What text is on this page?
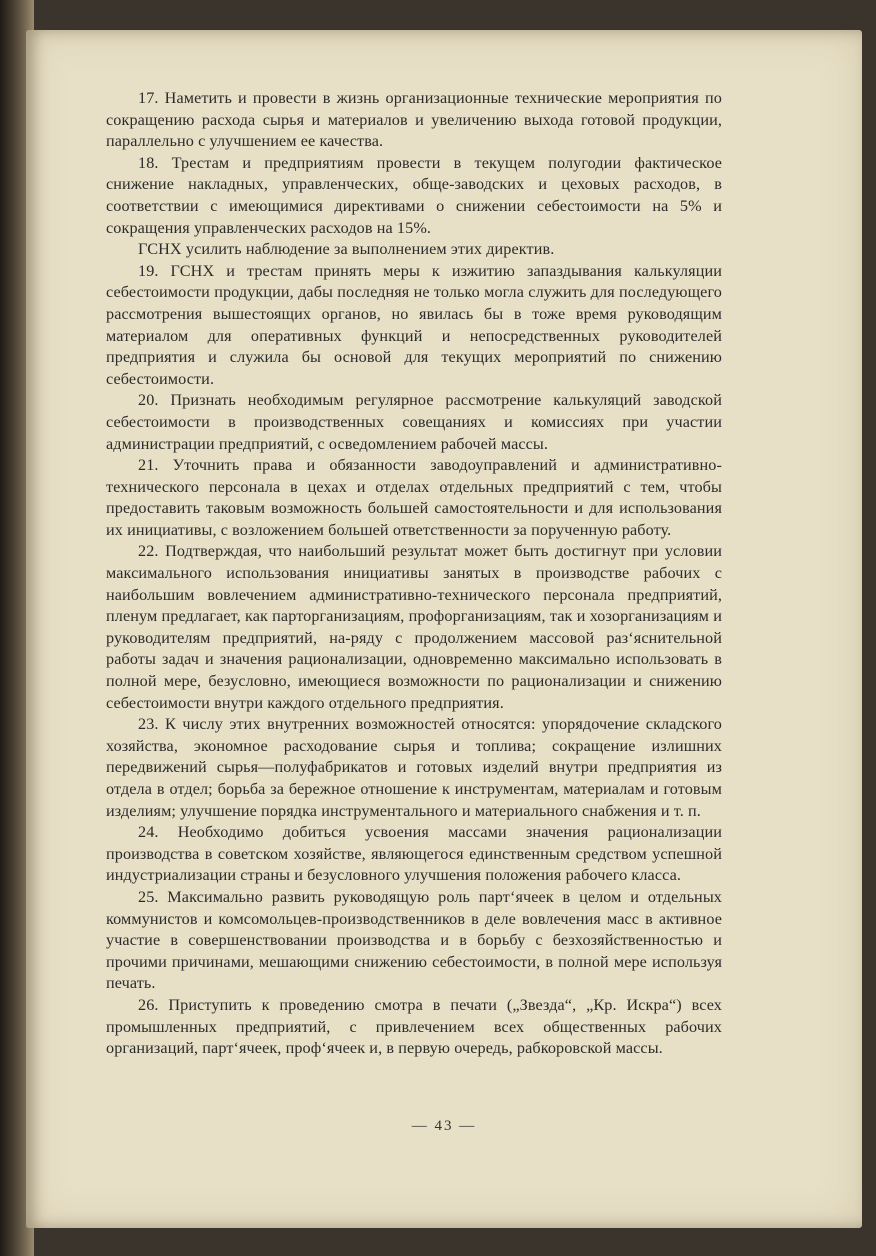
17. Наметить и провести в жизнь организационные технические мероприятия по сокращению расхода сырья и материалов и увеличению выхода готовой продукции, параллельно с улучшением ее качества.

18. Трестам и предприятиям провести в текущем полугодии фактическое снижение накладных, управленческих, обще-заводских и цеховых расходов, в соответствии с имеющимися директивами о снижении себестоимости на 5% и сокращения управленческих расходов на 15%.

ГСНХ усилить наблюдение за выполнением этих директив.

19. ГСНХ и трестам принять меры к изжитию запаздывания калькуляции себестоимости продукции, дабы последняя не только могла служить для последующего рассмотрения вышестоящих органов, но явилась бы в тоже время руководящим материалом для оперативных функций и непосредственных руководителей предприятия и служила бы основой для текущих мероприятий по снижению себестоимости.

20. Признать необходимым регулярное рассмотрение калькуляций заводской себестоимости в производственных совещаниях и комиссиях при участии администрации предприятий, с осведомлением рабочей массы.

21. Уточнить права и обязанности заводоуправлений и административно-технического персонала в цехах и отделах отдельных предприятий с тем, чтобы предоставить таковым возможность большей самостоятельности и для использования их инициативы, с возложением большей ответственности за порученную работу.

22. Подтверждая, что наибольший результат может быть достигнут при условии максимального использования инициативы занятых в производстве рабочих с наибольшим вовлечением административно-технического персонала предприятий, пленум предлагает, как парторганизациям, профорганизациям, так и хозорганизациям и руководителям предприятий, на-ряду с продолжением массовой раз‘яснительной работы задач и значения рационализации, одновременно максимально использовать в полной мере, безусловно, имеющиеся возможности по рационализации и снижению себестоимости внутри каждого отдельного предприятия.

23. К числу этих внутренних возможностей относятся: упорядочение складского хозяйства, экономное расходование сырья и топлива; сокращение излишних передвижений сырья—полуфабрикатов и готовых изделий внутри предприятия из отдела в отдел; борьба за бережное отношение к инструментам, материалам и готовым изделиям; улучшение порядка инструментального и материального снабжения и т. п.

24. Необходимо добиться усвоения массами значения рационализации производства в советском хозяйстве, являющегося единственным средством успешной индустриализации страны и безусловного улучшения положения рабочего класса.

25. Максимально развить руководящую роль парт‘ячеек в целом и отдельных коммунистов и комсомольцев-производственников в деле вовлечения масс в активное участие в совершенствовании производства и в борьбу с безхозяйственностью и прочими причинами, мешающими снижению себестоимости, в полной мере используя печать.

26. Приступить к проведению смотра в печати („Звезда“, „Кр. Искра“) всех промышленных предприятий, с привлечением всех общественных рабочих организаций, парт‘ячеек, проф‘ячеек и, в первую очередь, рабкоровской массы.

— 43 —
